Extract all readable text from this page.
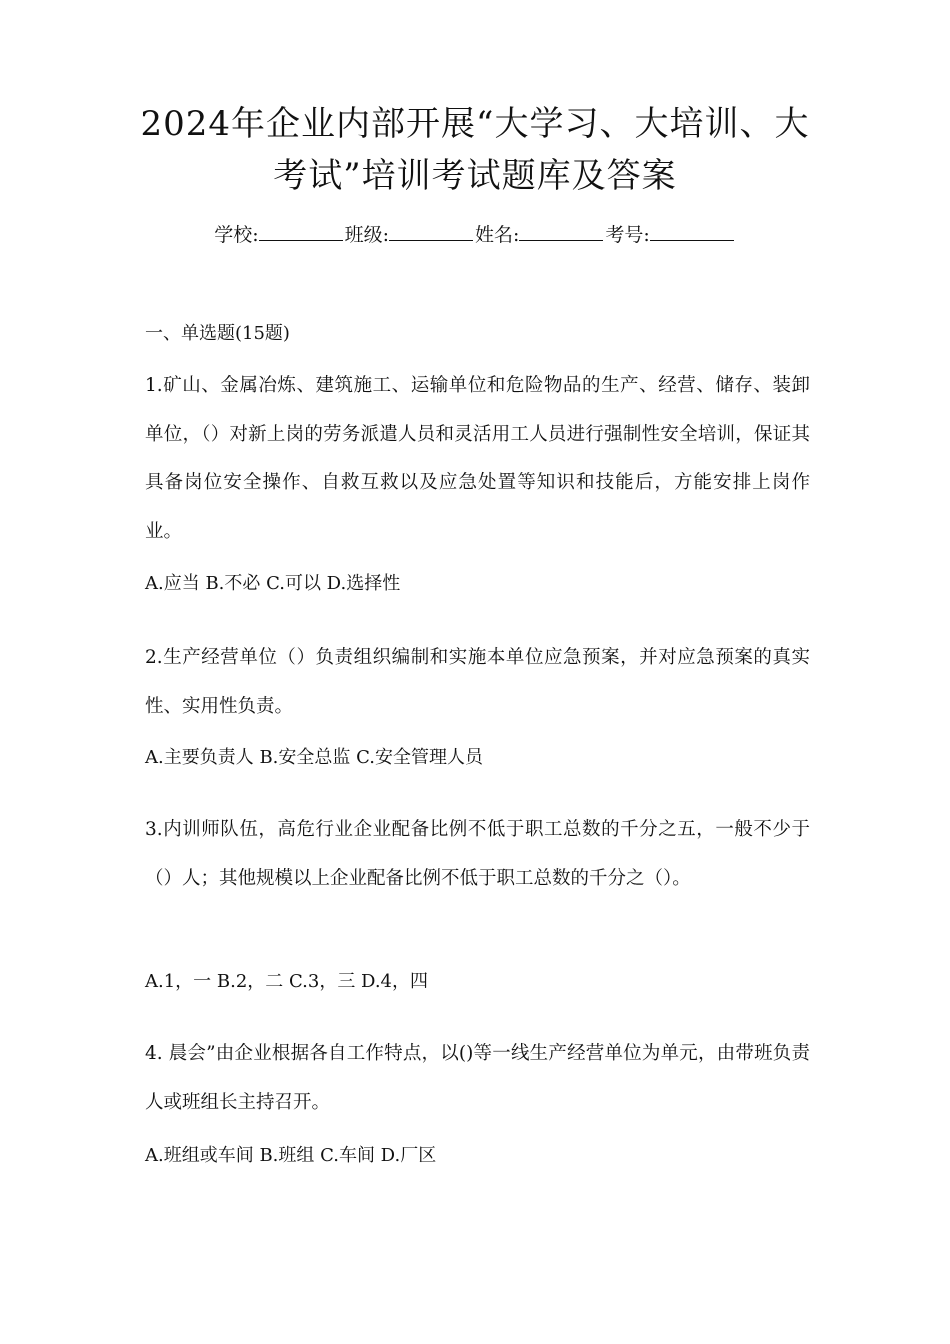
2024年企业内部开展“大学习、大培训、大
考试”培训考试题库及答案
学校:	班级:	姓名:	考号:
一、单选题(15题)

1.矿山、金属冶炼、建筑施工、运输单位和危险物品的生产、经营、储存、装卸单位，（）对新上岗的劳务派遣人员和灵活用工人员进行强制性安全培训，保证其具备岗位安全操作、自救互救以及应急处置等知识和技能后，方能安排上岗作业。

A.应当 B.不必 C.可以 D.选择性

2.生产经营单位（）负责组织编制和实施本单位应急预案，并对应急预案的真实性、实用性负责。

A.主要负责人 B.安全总监 C.安全管理人员

3.内训师队伍，高危行业企业配备比例不低于职工总数的千分之五，一般不少于（）人；其他规模以上企业配备比例不低于职工总数的千分之（）。

A.1，一 B.2，二 C.3，三 D.4，四

4. 晨会”由企业根据各自工作特点，以()等一线生产经营单位为单元，由带班负责人或班组长主持召开。

A.班组或车间 B.班组 C.车间 D.厂区
